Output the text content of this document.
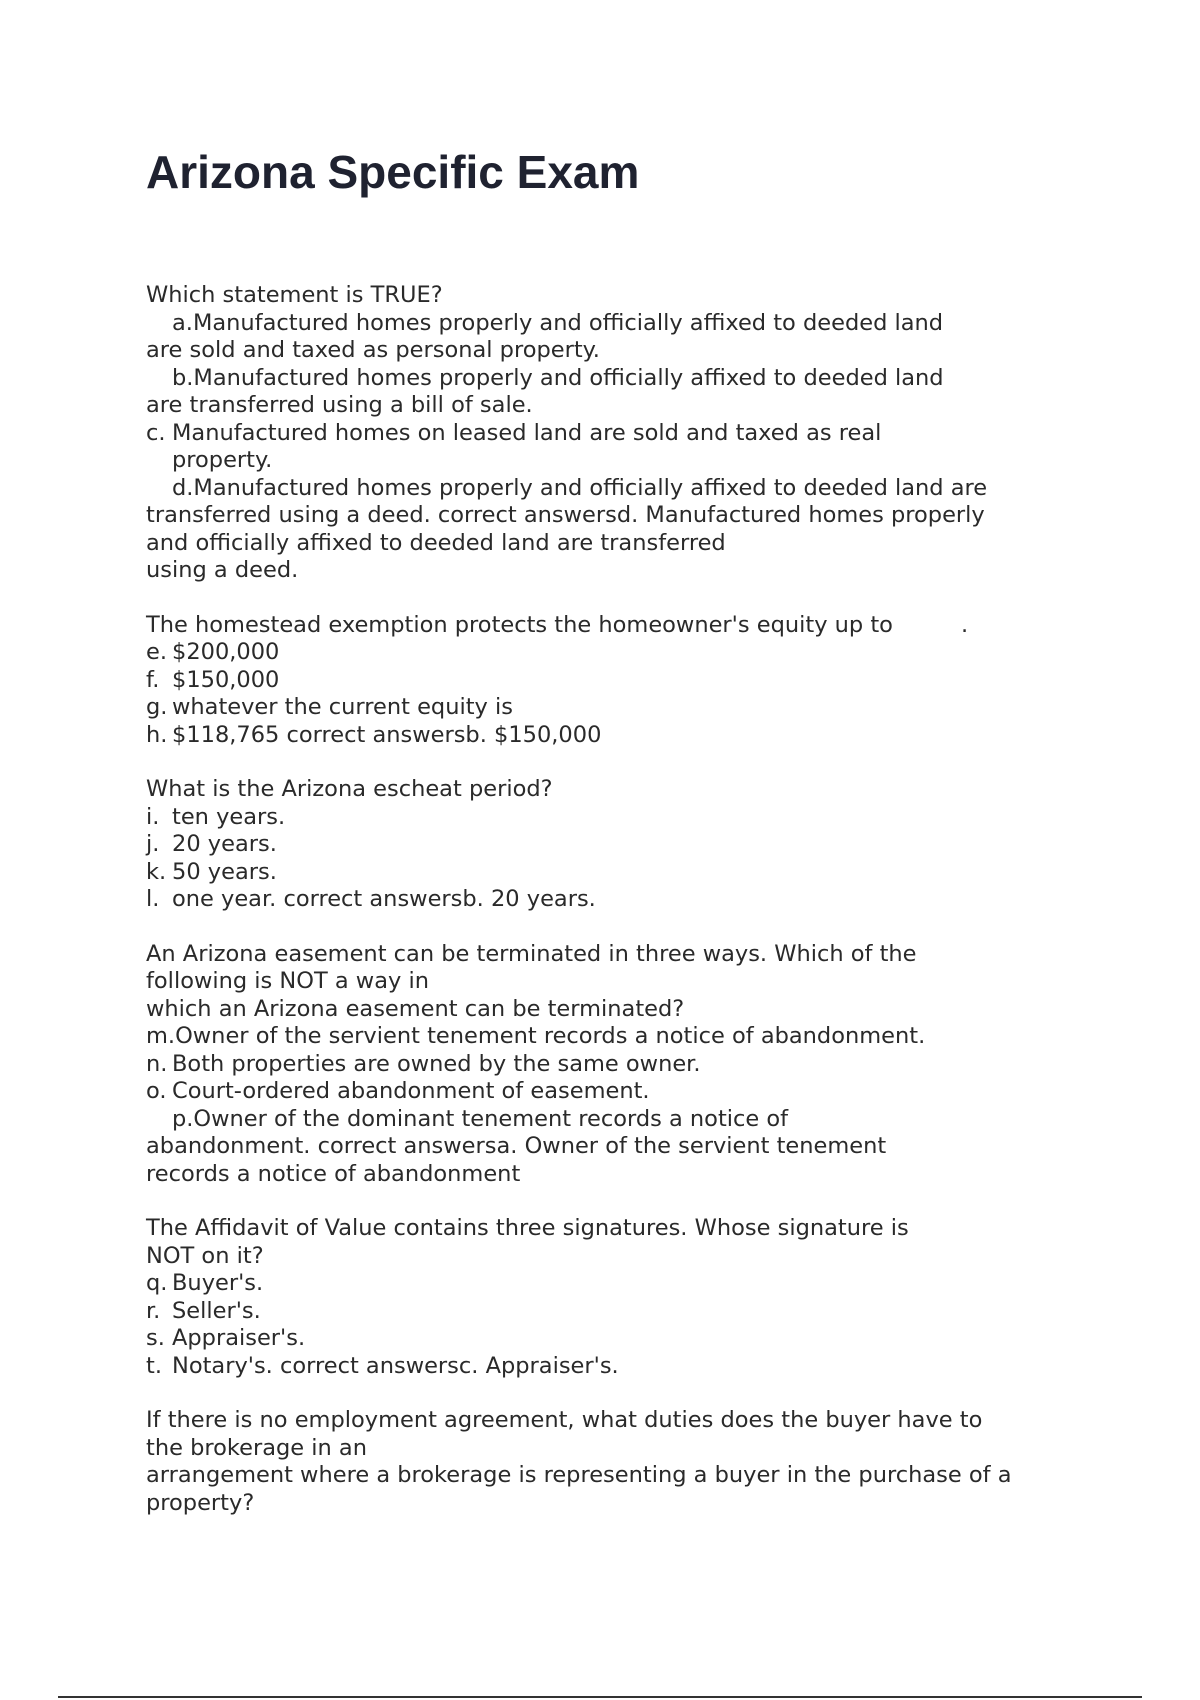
Arizona Specific Exam
Which statement is TRUE?
a.Manufactured homes properly and officially affixed to deeded land
are sold and taxed as personal property.
b.Manufactured homes properly and officially affixed to deeded land
are transferred using a bill of sale.
c. Manufactured homes on leased land are sold and taxed as real
property.
d.Manufactured homes properly and officially affixed to deeded land are
transferred using a deed. correct answersd. Manufactured homes properly
and officially affixed to deeded land are transferred
using a deed.
The homestead exemption protects the homeowner's equity up to	.
e. $200,000
f. $150,000
g. whatever the current equity is
h. $118,765 correct answersb. $150,000
What is the Arizona escheat period?
i. ten years.
j. 20 years.
k. 50 years.
l. one year. correct answersb. 20 years.
An Arizona easement can be terminated in three ways. Which of the
following is NOT a way in
which an Arizona easement can be terminated?
m.Owner of the servient tenement records a notice of abandonment.
n. Both properties are owned by the same owner.
o. Court-ordered abandonment of easement.
p.Owner of the dominant tenement records a notice of
abandonment. correct answersa. Owner of the servient tenement
records a notice of abandonment
The Affidavit of Value contains three signatures. Whose signature is
NOT on it?
q. Buyer's.
r. Seller's.
s. Appraiser's.
t. Notary's. correct answersc. Appraiser's.
If there is no employment agreement, what duties does the buyer have to
the brokerage in an
arrangement where a brokerage is representing a buyer in the purchase of a
property?
